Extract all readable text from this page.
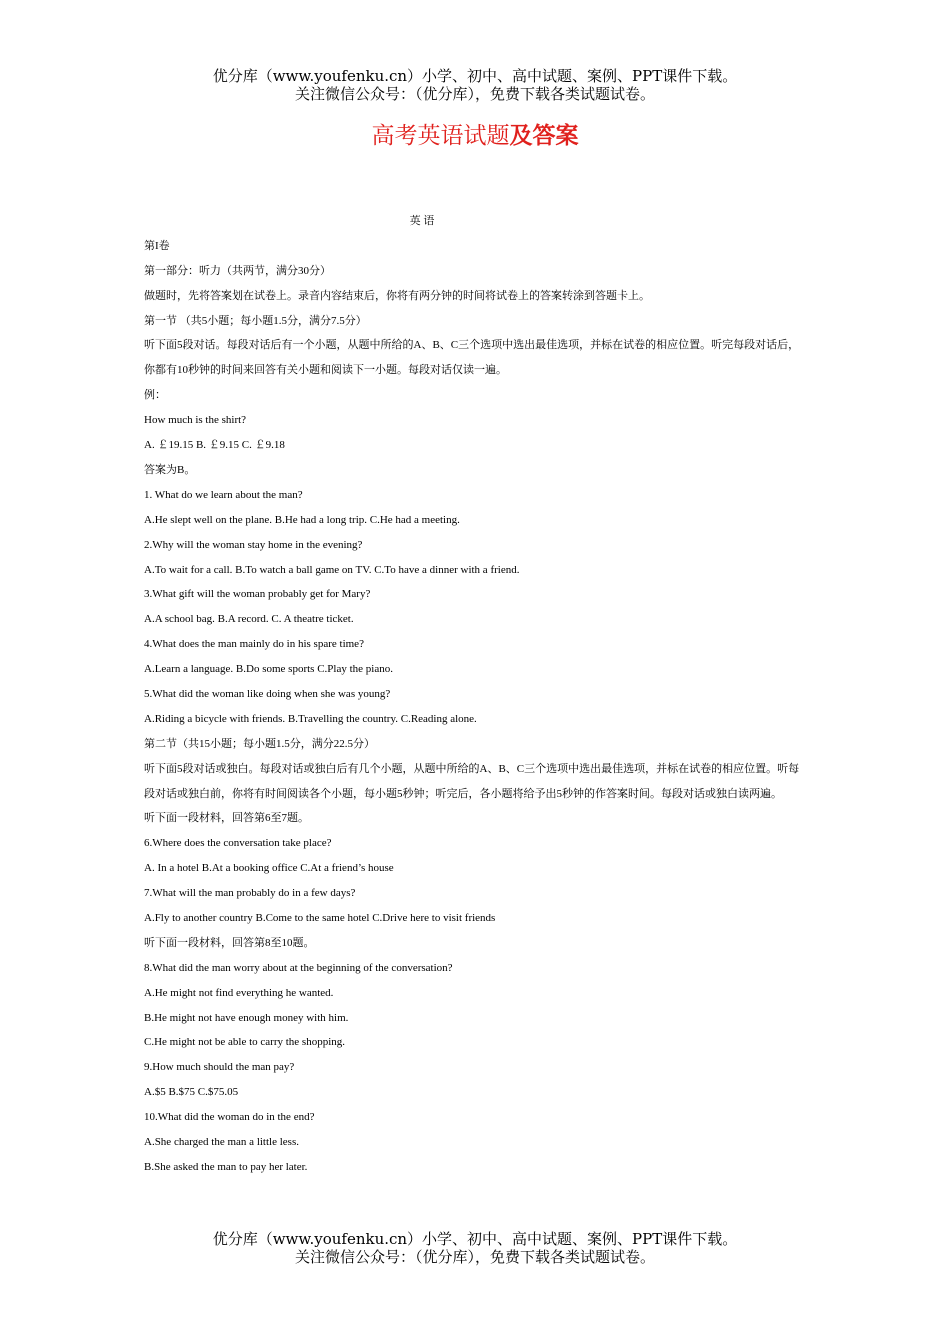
优分库（www.youfenku.cn）小学、初中、高中试题、案例、PPT课件下载。
关注微信公众号：（优分库），免费下载各类试题试卷。
高考英语试题及答案
英 语
第I卷
第一部分：听力（共两节，满分30分）
做题时，先将答案划在试卷上。录音内容结束后，你将有两分钟的时间将试卷上的答案转涂到答题卡上。
第一节 （共5小题；每小题1.5分，满分7.5分）
听下面5段对话。每段对话后有一个小题，从题中所给的A、B、C三个选项中选出最佳选项，并标在试卷的相应位置。听完每段对话后，你都有10秒钟的时间来回答有关小题和阅读下一小题。每段对话仅读一遍。
例：
How much is the shirt?
A. ￡19.15 B. ￡9.15 C. ￡9.18
答案为B。
1. What do we learn about the man?
A.He slept well on the plane. B.He had a long trip. C.He had a meeting.
2.Why will the woman stay home in the evening?
A.To wait for a call. B.To watch a ball game on TV. C.To have a dinner with a friend.
3.What gift will the woman probably get for Mary?
A.A school bag. B.A record. C. A theatre ticket.
4.What does the man mainly do in his spare time?
A.Learn a language. B.Do some sports C.Play the piano.
5.What did the woman like doing when she was young?
A.Riding a bicycle with friends. B.Travelling the country. C.Reading alone.
第二节（共15小题；每小题1.5分，满分22.5分）
听下面5段对话或独白。每段对话或独白后有几个小题，从题中所给的A、B、C三个选项中选出最佳选项，并标在试卷的相应位置。听每段对话或独白前，你将有时间阅读各个小题，每小题5秒钟；听完后，各小题将给予出5秒钟的作答案时间。每段对话或独白读两遍。
听下面一段材料，回答第6至7题。
6.Where does the conversation take place?
A. In a hotel B.At a booking office C.At a friend’s house
7.What will the man probably do in a few days?
A.Fly to another country B.Come to the same hotel C.Drive here to visit friends
听下面一段材料，回答第8至10题。
8.What did the man worry about at the beginning of the conversation?
A.He might not find everything he wanted.
B.He might not have enough money with him.
C.He might not be able to carry the shopping.
9.How much should the man pay?
A.$5 B.$75 C.$75.05
10.What did the woman do in the end?
A.She charged the man a little less.
B.She asked the man to pay her later.
优分库（www.youfenku.cn）小学、初中、高中试题、案例、PPT课件下载。
关注微信公众号：（优分库），免费下载各类试题试卷。
